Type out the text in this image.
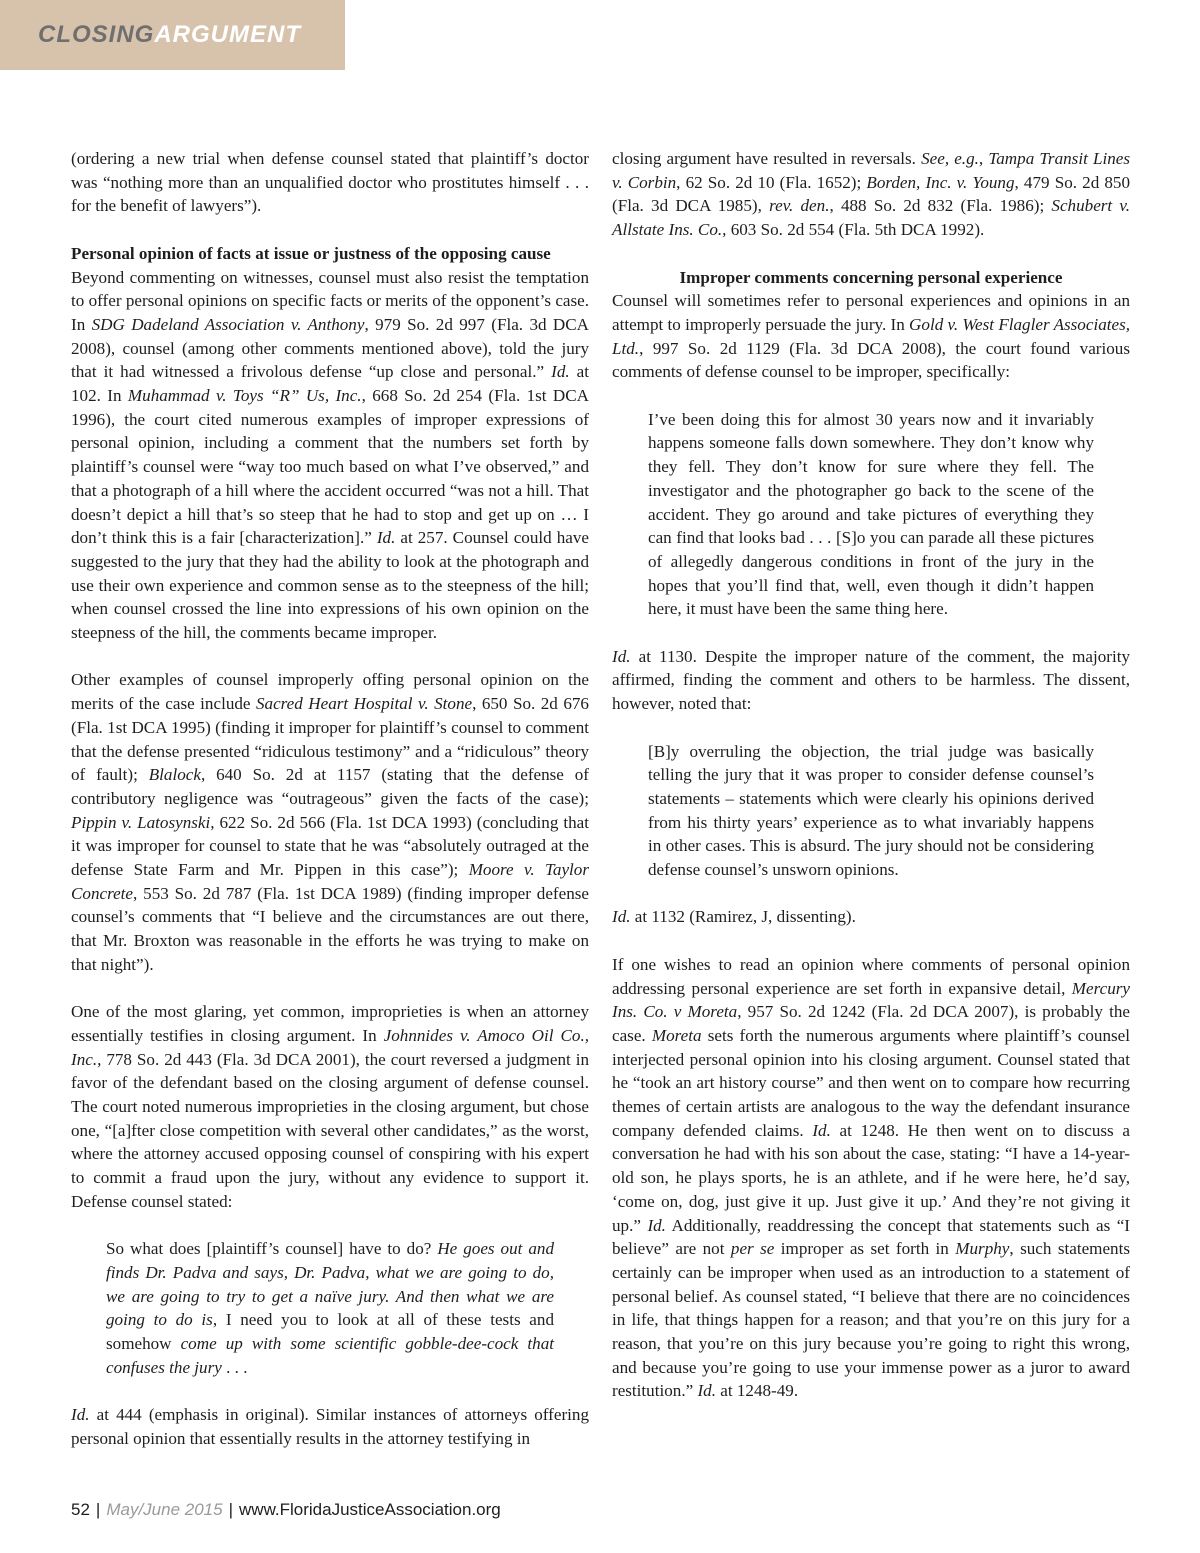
CLOSINGARGUMENT

(ordering a new trial when defense counsel stated that plaintiff’s doctor was “nothing more than an unqualified doctor who prostitutes himself . . . for the benefit of lawyers”).

Personal opinion of facts at issue or justness of the opposing cause
Beyond commenting on witnesses, counsel must also resist the temptation to offer personal opinions on specific facts or merits of the opponent’s case. In SDG Dadeland Association v. Anthony, 979 So. 2d 997 (Fla. 3d DCA 2008), counsel (among other comments mentioned above), told the jury that it had witnessed a frivolous defense “up close and personal.” Id. at 102. In Muhammad v. Toys “R” Us, Inc., 668 So. 2d 254 (Fla. 1st DCA 1996), the court cited numerous examples of improper expressions of personal opinion, including a comment that the numbers set forth by plaintiff’s counsel were “way too much based on what I’ve observed,” and that a photograph of a hill where the accident occurred “was not a hill. That doesn’t depict a hill that’s so steep that he had to stop and get up on … I don’t think this is a fair [characterization].” Id. at 257. Counsel could have suggested to the jury that they had the ability to look at the photograph and use their own experience and common sense as to the steepness of the hill; when counsel crossed the line into expressions of his own opinion on the steepness of the hill, the comments became improper.

Other examples of counsel improperly offing personal opinion on the merits of the case include Sacred Heart Hospital v. Stone, 650 So. 2d 676 (Fla. 1st DCA 1995) (finding it improper for plaintiff’s counsel to comment that the defense presented “ridiculous testimony” and a “ridiculous” theory of fault); Blalock, 640 So. 2d at 1157 (stating that the defense of contributory negligence was “outrageous” given the facts of the case); Pippin v. Latosynski, 622 So. 2d 566 (Fla. 1st DCA 1993) (concluding that it was improper for counsel to state that he was “absolutely outraged at the defense State Farm and Mr. Pippen in this case”); Moore v. Taylor Concrete, 553 So. 2d 787 (Fla. 1st DCA 1989) (finding improper defense counsel’s comments that “I believe and the circumstances are out there, that Mr. Broxton was reasonable in the efforts he was trying to make on that night”).

One of the most glaring, yet common, improprieties is when an attorney essentially testifies in closing argument. In Johnnides v. Amoco Oil Co., Inc., 778 So. 2d 443 (Fla. 3d DCA 2001), the court reversed a judgment in favor of the defendant based on the closing argument of defense counsel. The court noted numerous improprieties in the closing argument, but chose one, “[a]fter close competition with several other candidates,” as the worst, where the attorney accused opposing counsel of conspiring with his expert to commit a fraud upon the jury, without any evidence to support it. Defense counsel stated:

So what does [plaintiff’s counsel] have to do? He goes out and finds Dr. Padva and says, Dr. Padva, what we are going to do, we are going to try to get a naïve jury. And then what we are going to do is, I need you to look at all of these tests and somehow come up with some scientific gobble-dee-cock that confuses the jury . . .

Id. at 444 (emphasis in original). Similar instances of attorneys offering personal opinion that essentially results in the attorney testifying in

closing argument have resulted in reversals. See, e.g., Tampa Transit Lines v. Corbin, 62 So. 2d 10 (Fla. 1652); Borden, Inc. v. Young, 479 So. 2d 850 (Fla. 3d DCA 1985), rev. den., 488 So. 2d 832 (Fla. 1986); Schubert v. Allstate Ins. Co., 603 So. 2d 554 (Fla. 5th DCA 1992).

Improper comments concerning personal experience

Counsel will sometimes refer to personal experiences and opinions in an attempt to improperly persuade the jury. In Gold v. West Flagler Associates, Ltd., 997 So. 2d 1129 (Fla. 3d DCA 2008), the court found various comments of defense counsel to be improper, specifically:

I’ve been doing this for almost 30 years now and it invariably happens someone falls down somewhere. They don’t know why they fell. They don’t know for sure where they fell. The investigator and the photographer go back to the scene of the accident. They go around and take pictures of everything they can find that looks bad . . . [S]o you can parade all these pictures of allegedly dangerous conditions in front of the jury in the hopes that you’ll find that, well, even though it didn’t happen here, it must have been the same thing here.

Id. at 1130. Despite the improper nature of the comment, the majority affirmed, finding the comment and others to be harmless. The dissent, however, noted that:

[B]y overruling the objection, the trial judge was basically telling the jury that it was proper to consider defense counsel’s statements – statements which were clearly his opinions derived from his thirty years’ experience as to what invariably happens in other cases. This is absurd. The jury should not be considering defense counsel’s unsworn opinions.

Id. at 1132 (Ramirez, J, dissenting).

If one wishes to read an opinion where comments of personal opinion addressing personal experience are set forth in expansive detail, Mercury Ins. Co. v Moreta, 957 So. 2d 1242 (Fla. 2d DCA 2007), is probably the case. Moreta sets forth the numerous arguments where plaintiff’s counsel interjected personal opinion into his closing argument. Counsel stated that he “took an art history course” and then went on to compare how recurring themes of certain artists are analogous to the way the defendant insurance company defended claims. Id. at 1248. He then went on to discuss a conversation he had with his son about the case, stating: “I have a 14-year-old son, he plays sports, he is an athlete, and if he were here, he’d say, ‘come on, dog, just give it up. Just give it up.’ And they’re not giving it up.” Id. Additionally, readdressing the concept that statements such as “I believe” are not per se improper as set forth in Murphy, such statements certainly can be improper when used as an introduction to a statement of personal belief. As counsel stated, “I believe that there are no coincidences in life, that things happen for a reason; and that you’re on this jury for a reason, that you’re on this jury because you’re going to right this wrong, and because you’re going to use your immense power as a juror to award restitution.” Id. at 1248-49.

52 | May/June 2015 | www.FloridaJusticeAssociation.org
